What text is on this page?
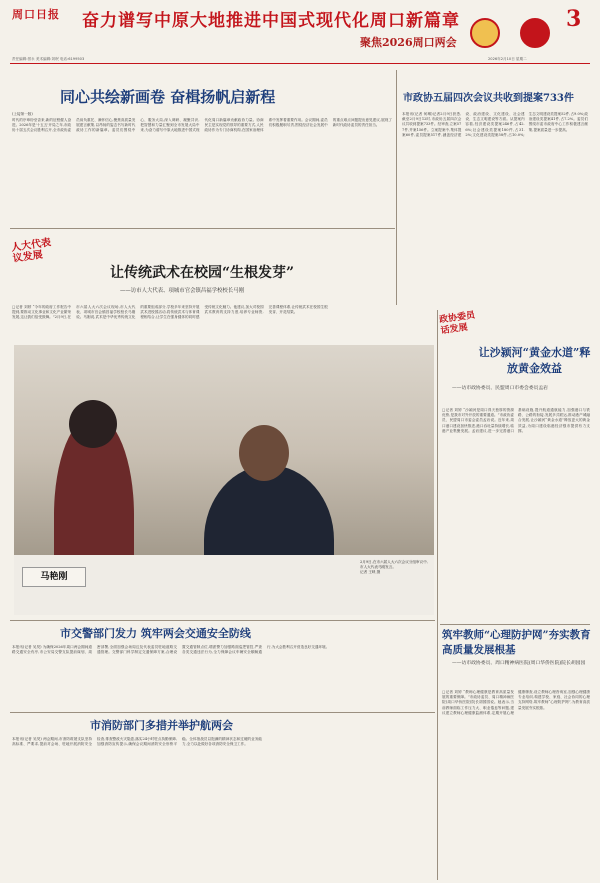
周口日报 奋力谱写中原大地推进中国式现代化周口新篇章	3
聚焦2026周口两会
责任编辑:蔡永 美术编辑:刘珉 电话:6199503	2026年2月10日 星期二
同心共绘新画卷 奋楫扬帆启新程
(上接第一版)
时代的序章纷至沓来,新的征程催人奋进。2026年是'十五五'开局之年,市政协十届五次会议胜利召开,全市政协委员肩负重托、满怀信心,聚焦高质量发展建言献策,以昂扬的姿态书写新时代政协工作的新篇章。委员们围绕中心、服务大局,深入调研、凝聚共识,把智慧和力量汇聚到全市发展大局中来,为奋力谱写中原大地推进中国式现代化周口新篇章贡献政协力量。协商民主是实现党的领导的重要方式,人民政协作为专门协商机构,在国家治理体系中发挥着重要作用。会议期间,委员们积极履职尽责,围绕经济社会发展中的重点难点问题提出意见建议,展现了新时代政协委员的责任担当。
市政协五届四次会议共收到提案733件
本报讯(记者 何琳)记者2月9日获悉,截至2月9日12时,市政协五届四次会议共收到提案733件。经审查,立案577件,并案156件。立案提案中,集体提案60件,委员提案517件,涵盖经济建设、政治建设、文化建设、社会建设、生态文明建设等方面。从提案内容看,经济建设类提案246件,占42.6%;社会建设类提案180件,占31.2%;文化建设类提案58件,占10.0%;生态文明建设类提案52件,占9.0%;政治建设类提案41件,占7.2%。委员们围绕市委市政府中心工作积极建言献策,提案质量进一步提高。
人大代表
议发展
让传统武术在校园“生根发芽”
——访市人大代表、项城市官会镇昌福学校校长马刚
□记者 刘婷 “今年的政府工作报告中提到,要推动文化事业和文化产业繁荣发展,这让我们倍受鼓舞。”2月9日,在市六届人大六次会议现场,市人大代表、项城市官会镇昌福学校校长马刚说。马刚说,武术是中华优秀传统文化的重要组成部分,学校多年来坚持开展武术进校园活动,将传统武术与体育课程相结合,让学生在强身健体的同时感受传统文化魅力。他建议,加大对校园武术教育的支持力度,培养专业师资,完善课程体系,让传统武术在校园生根发芽、开花结果。
马艳刚
2月9日,在市六届人大六次会议分组审议中,市人大代表马刚发言。
记者 王映 摄
政协委员
话发展
让沙颍河“黄金水道”释放黄金效益
——访市政协委员、民盟周口市委会委员孟岩
□记者 刘婷 “沙颍河是周口得天独厚的资源优势,是我市对外开放的重要通道。”市政协委员、民盟周口市委会委员孟岩说。近年来,周口港口建设加快推进,港口吞吐量持续增长,临港产业集聚发展。孟岩建议,进一步完善港口基础设施,提升航道通航能力,加强港口与铁路、公路的衔接,发展多式联运,推动港产城融合发展,让沙颍河“黄金水道”释放更大的黄金效益,为周口建设临港经济强市提供有力支撑。
筑牢教师“心理防护网”夯实教育高质量发展根基
——访市政协委员、周口精神病医院(周口华侨医院)院长胡园园
□记者 刘婷 “教师心理健康是教育高质量发展的重要保障。”市政协委员、周口精神病医院(周口华侨医院)院长胡园园说。她表示,当前教师面临工作压力大、职业倦怠等问题,建议建立教师心理健康监测体系,定期开展心理健康筛查,设立教师心理咨询室,加强心理健康专业培训,构建学校、家庭、社会协同的心理支持网络,筑牢教师“心理防护网”,为教育高质量发展夯实根基。
市交警部门发力 筑牢两会交通安全防线
本报讯(记者 吴昊) 为确保2026年周口两会期间道路交通安全有序,市公安局交警支队提前谋划、周密部署,全面加强会场周边及代表委员驻地道路交通管理。交警部门科学制定交通保障方案,合理设置交通管制点位,增派警力加强路面巡逻管控,严查各类交通违法行为,全力保障会议车辆安全顺畅通行,为大会胜利召开营造良好交通环境。
市消防部门多措并举护航两会
本报讯(记者 吴昊) 两会期间,市消防救援支队坚持高标准、严要求,提前对会场、驻地开展消防安全检查,排查整改火灾隐患,落实24小时驻点执勤保障,加强消防宣传提示,确保会议期间消防安全形势平稳。全体指战员以饱满的精神状态和过硬的业务能力,全力以赴做好各项消防安全保卫工作。
